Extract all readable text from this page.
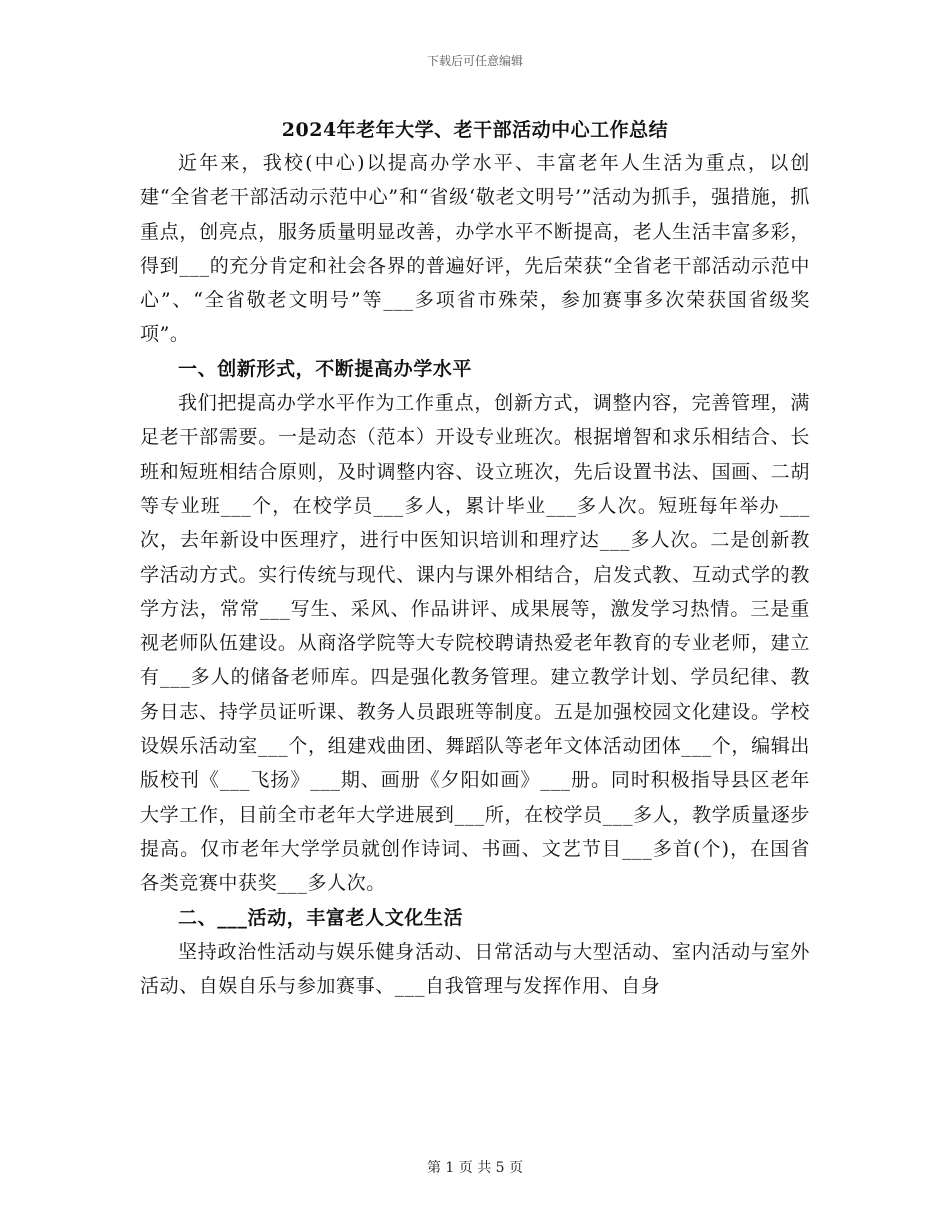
下载后可任意编辑
2024年老年大学、老干部活动中心工作总结

近年来，我校(中心)以提高办学水平、丰富老年人生活为重点，以创建“全省老干部活动示范中心”和“省级‘敬老文明号’”活动为抓手，强措施，抓重点，创亮点，服务质量明显改善，办学水平不断提高，老人生活丰富多彩，得到___的充分肯定和社会各界的普遍好评，先后荣获“全省老干部活动示范中心”、“全省敬老文明号”等___多项省市殊荣，参加赛事多次荣获国省级奖项”。

一、创新形式，不断提高办学水平

我们把提高办学水平作为工作重点，创新方式，调整内容，完善管理，满足老干部需要。一是动态（范本）开设专业班次。根据增智和求乐相结合、长班和短班相结合原则，及时调整内容、设立班次，先后设置书法、国画、二胡等专业班___个，在校学员___多人，累计毕业___多人次。短班每年举办___次，去年新设中医理疗，进行中医知识培训和理疗达___多人次。二是创新教学活动方式。实行传统与现代、课内与课外相结合，启发式教、互动式学的教学方法，常常___写生、采风、作品讲评、成果展等，激发学习热情。三是重视老师队伍建设。从商洛学院等大专院校聘请热爱老年教育的专业老师，建立有___多人的储备老师库。四是强化教务管理。建立教学计划、学员纪律、教务日志、持学员证听课、教务人员跟班等制度。五是加强校园文化建设。学校设娱乐活动室___个，组建戏曲团、舞蹈队等老年文体活动团体___个，编辑出版校刊《___飞扬》___期、画册《夕阳如画》___册。同时积极指导县区老年大学工作，目前全市老年大学进展到___所，在校学员___多人，教学质量逐步提高。仅市老年大学学员就创作诗词、书画、文艺节目___多首(个)，在国省各类竞赛中获奖___多人次。

二、___活动，丰富老人文化生活

坚持政治性活动与娱乐健身活动、日常活动与大型活动、室内活动与室外活动、自娱自乐与参加赛事、___自我管理与发挥作用、自身

第 1 页 共 5 页
